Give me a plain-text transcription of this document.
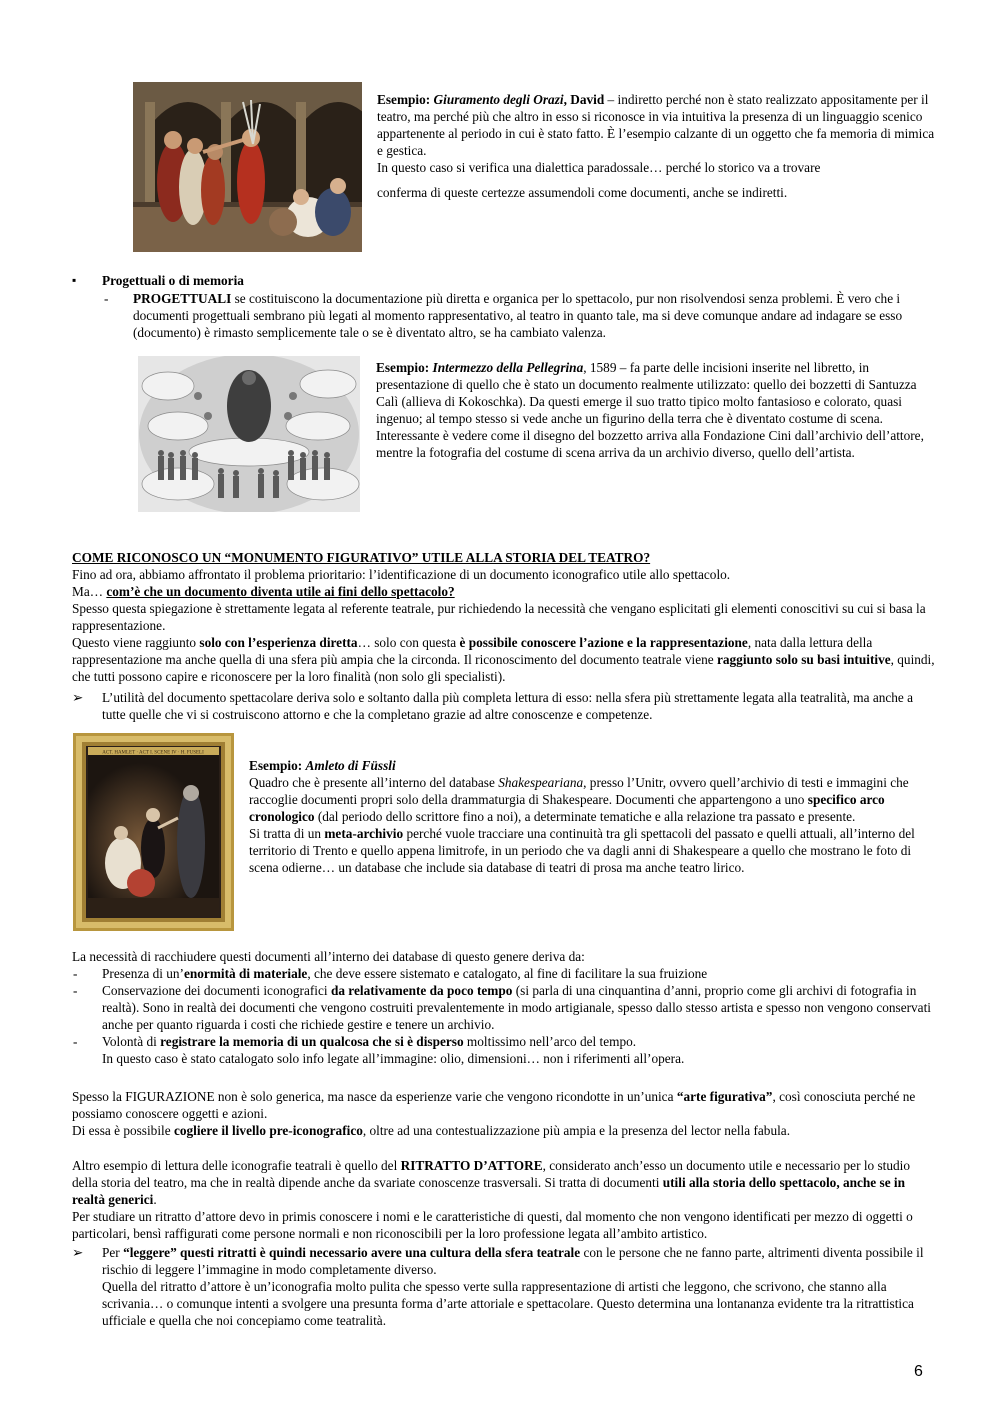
Esempio: Giuramento degli Orazi, David – indiretto perché non è stato realizzato appositamente per il teatro, ma perché più che altro in esso si riconosce in via intuitiva la presenza di un linguaggio scenico appartenente al periodo in cui è stato fatto. È l’esempio calzante di un oggetto che fa memoria di mimica e gestica.

In questo caso si verifica una dialettica paradossale… perché lo storico va a trovare

conferma di queste certezze assumendoli come documenti, anche se indiretti.

▪ Progettuali o di memoria
- PROGETTUALI se costituiscono la documentazione più diretta e organica per lo spettacolo, pur non risolvendosi senza problemi. È vero che i documenti progettuali sembrano più legati al momento rappresentativo, al teatro in quanto tale, ma si deve comunque andare ad indagare se esso (documento) è rimasto semplicemente tale o se è diventato altro, se ha cambiato valenza.

Esempio: Intermezzo della Pellegrina, 1589 – fa parte delle incisioni inserite nel libretto, in presentazione di quello che è stato un documento realmente utilizzato: quello dei bozzetti di Santuzza Calì (allieva di Kokoschka). Da questi emerge il suo tratto tipico molto fantasioso e colorato, quasi ingenuo; al tempo stesso si vede anche un figurino della terra che è diventato costume di scena.

Interessante è vedere come il disegno del bozzetto arriva alla Fondazione Cini dall’archivio dell’attore, mentre la fotografia del costume di scena arriva da un archivio diverso, quello dell’artista.

COME RICONOSCO UN “MONUMENTO FIGURATIVO” UTILE ALLA STORIA DEL TEATRO?

Fino ad ora, abbiamo affrontato il problema prioritario: l’identificazione di un documento iconografico utile allo spettacolo.

Ma… com’è che un documento diventa utile ai fini dello spettacolo?

Spesso questa spiegazione è strettamente legata al referente teatrale, pur richiedendo la necessità che vengano esplicitati gli elementi conoscitivi su cui si basa la rappresentazione.

Questo viene raggiunto solo con l’esperienza diretta… solo con questa è possibile conoscere l’azione e la rappresentazione, nata dalla lettura della rappresentazione ma anche quella di una sfera più ampia che la circonda. Il riconoscimento del documento teatrale viene raggiunto solo su basi intuitive, quindi, che tutti possono capire e riconoscere per la loro finalità (non solo gli specialisti).

➢ L’utilità del documento spettacolare deriva solo e soltanto dalla più completa lettura di esso: nella sfera più strettamente legata alla teatralità, ma anche a tutte quelle che vi si costruiscono attorno e che la completano grazie ad altre conoscenze e competenze.
ACT. HAMLET · ACT I. SCENE IV · H. FUSELI

Esempio: Amleto di Füssli

Quadro che è presente all’interno del database Shakespeariana, presso l’Unitr, ovvero quell’archivio di testi e immagini che raccoglie documenti propri solo della drammaturgia di Shakespeare. Documenti che appartengono a uno specifico arco cronologico (dal periodo dello scrittore fino a noi), a determinate tematiche e alla relazione tra passato e presente.

Si tratta di un meta-archivio perché vuole tracciare una continuità tra gli spettacoli del passato e quelli attuali, all’interno del territorio di Trento e quello appena limitrofe, in un periodo che va dagli anni di Shakespeare a quello che mostrano le foto di scena odierne… un database che include sia database di teatri di prosa ma anche teatro lirico.

La necessità di racchiudere questi documenti all’interno dei database di questo genere deriva da:
- Presenza di un’enormità di materiale, che deve essere sistemato e catalogato, al fine di facilitare la sua fruizione
- Conservazione dei documenti iconografici da relativamente da poco tempo (si parla di una cinquantina d’anni, proprio come gli archivi di fotografia in realtà). Sono in realtà dei documenti che vengono costruiti prevalentemente in modo artigianale, spesso dallo stesso artista e spesso non vengono conservati anche per quanto riguarda i costi che richiede gestire e tenere un archivio.
- Volontà di registrare la memoria di un qualcosa che si è disperso moltissimo nell’arco del tempo.

In questo caso è stato catalogato solo info legate all’immagine: olio, dimensioni… non i riferimenti all’opera.

Spesso la FIGURAZIONE non è solo generica, ma nasce da esperienze varie che vengono ricondotte in un’unica “arte figurativa”, così conosciuta perché ne possiamo conoscere oggetti e azioni.

Di essa è possibile cogliere il livello pre-iconografico, oltre ad una contestualizzazione più ampia e la presenza del lector nella fabula.

Altro esempio di lettura delle iconografie teatrali è quello del RITRATTO D’ATTORE, considerato anch’esso un documento utile e necessario per lo studio della storia del teatro, ma che in realtà dipende anche da svariate conoscenze trasversali. Si tratta di documenti utili alla storia dello spettacolo, anche se in realtà generici.

Per studiare un ritratto d’attore devo in primis conoscere i nomi e le caratteristiche di questi, dal momento che non vengono identificati per mezzo di oggetti o particolari, bensì raffigurati come persone normali e non riconoscibili per la loro professione legata all’ambito artistico.

➢ Per “leggere” questi ritratti è quindi necessario avere una cultura della sfera teatrale con le persone che ne fanno parte, altrimenti diventa possibile il rischio di leggere l’immagine in modo completamente diverso.

Quella del ritratto d’attore è un’iconografia molto pulita che spesso verte sulla rappresentazione di artisti che leggono, che scrivono, che stanno alla scrivania… o comunque intenti a svolgere una presunta forma d’arte attoriale e spettacolare. Questo determina una lontananza evidente tra la ritrattistica ufficiale e quella che noi concepiamo come teatralità.

6
